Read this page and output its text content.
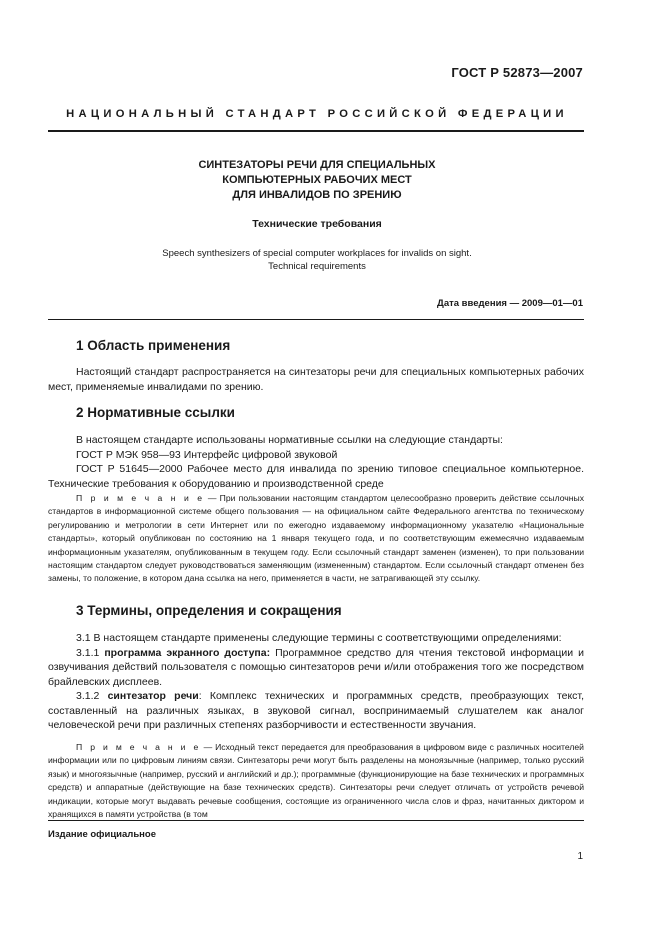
ГОСТ Р 52873—2007
НАЦИОНАЛЬНЫЙ СТАНДАРТ РОССИЙСКОЙ ФЕДЕРАЦИИ
СИНТЕЗАТОРЫ РЕЧИ ДЛЯ СПЕЦИАЛЬНЫХ
КОМПЬЮТЕРНЫХ РАБОЧИХ МЕСТ
ДЛЯ ИНВАЛИДОВ ПО ЗРЕНИЮ
Технические требования
Speech synthesizers of special computer workplaces for invalids on sight.
Technical requirements
Дата введения — 2009—01—01
1 Область применения

Настоящий стандарт распространяется на синтезаторы речи для специальных компьютерных рабочих мест, применяемые инвалидами по зрению.

2 Нормативные ссылки

В настоящем стандарте использованы нормативные ссылки на следующие стандарты:

ГОСТ Р МЭК 958—93 Интерфейс цифровой звуковой

ГОСТ Р 51645—2000 Рабочее место для инвалида по зрению типовое специальное компьютерное. Технические требования к оборудованию и производственной среде

П р и м е ч а н и е — При пользовании настоящим стандартом целесообразно проверить действие ссылочных стандартов в информационной системе общего пользования — на официальном сайте Федерального агентства по техническому регулированию и метрологии в сети Интернет или по ежегодно издаваемому информационному указателю «Национальные стандарты», который опубликован по состоянию на 1 января текущего года, и по соответствующим ежемесячно издаваемым информационным указателям, опубликованным в текущем году. Если ссылочный стандарт заменен (изменен), то при пользовании настоящим стандартом следует руководствоваться заменяющим (измененным) стандартом. Если ссылочный стандарт отменен без замены, то положение, в котором дана ссылка на него, применяется в части, не затрагивающей эту ссылку.

3 Термины, определения и сокращения

3.1 В настоящем стандарте применены следующие термины с соответствующими определениями:

3.1.1 программа экранного доступа: Программное средство для чтения текстовой информации и озвучивания действий пользователя с помощью синтезаторов речи и/или отображения того же посредством брайлевских дисплеев.

3.1.2 синтезатор речи: Комплекс технических и программных средств, преобразующих текст, составленный на различных языках, в звуковой сигнал, воспринимаемый слушателем как аналог человеческой речи при различных степенях разборчивости и естественности звучания.

П р и м е ч а н и е — Исходный текст передается для преобразования в цифровом виде с различных носителей информации или по цифровым линиям связи. Синтезаторы речи могут быть разделены на моноязычные (например, только русский язык) и многоязычные (например, русский и английский и др.); программные (функционирующие на базе технических и программных средств) и аппаратные (действующие на базе технических средств). Синтезаторы речи следует отличать от устройств речевой индикации, которые могут выдавать речевые сообщения, состоящие из ограниченного числа слов и фраз, начитанных диктором и хранящихся в памяти устройства (в том

Издание официальное
1
